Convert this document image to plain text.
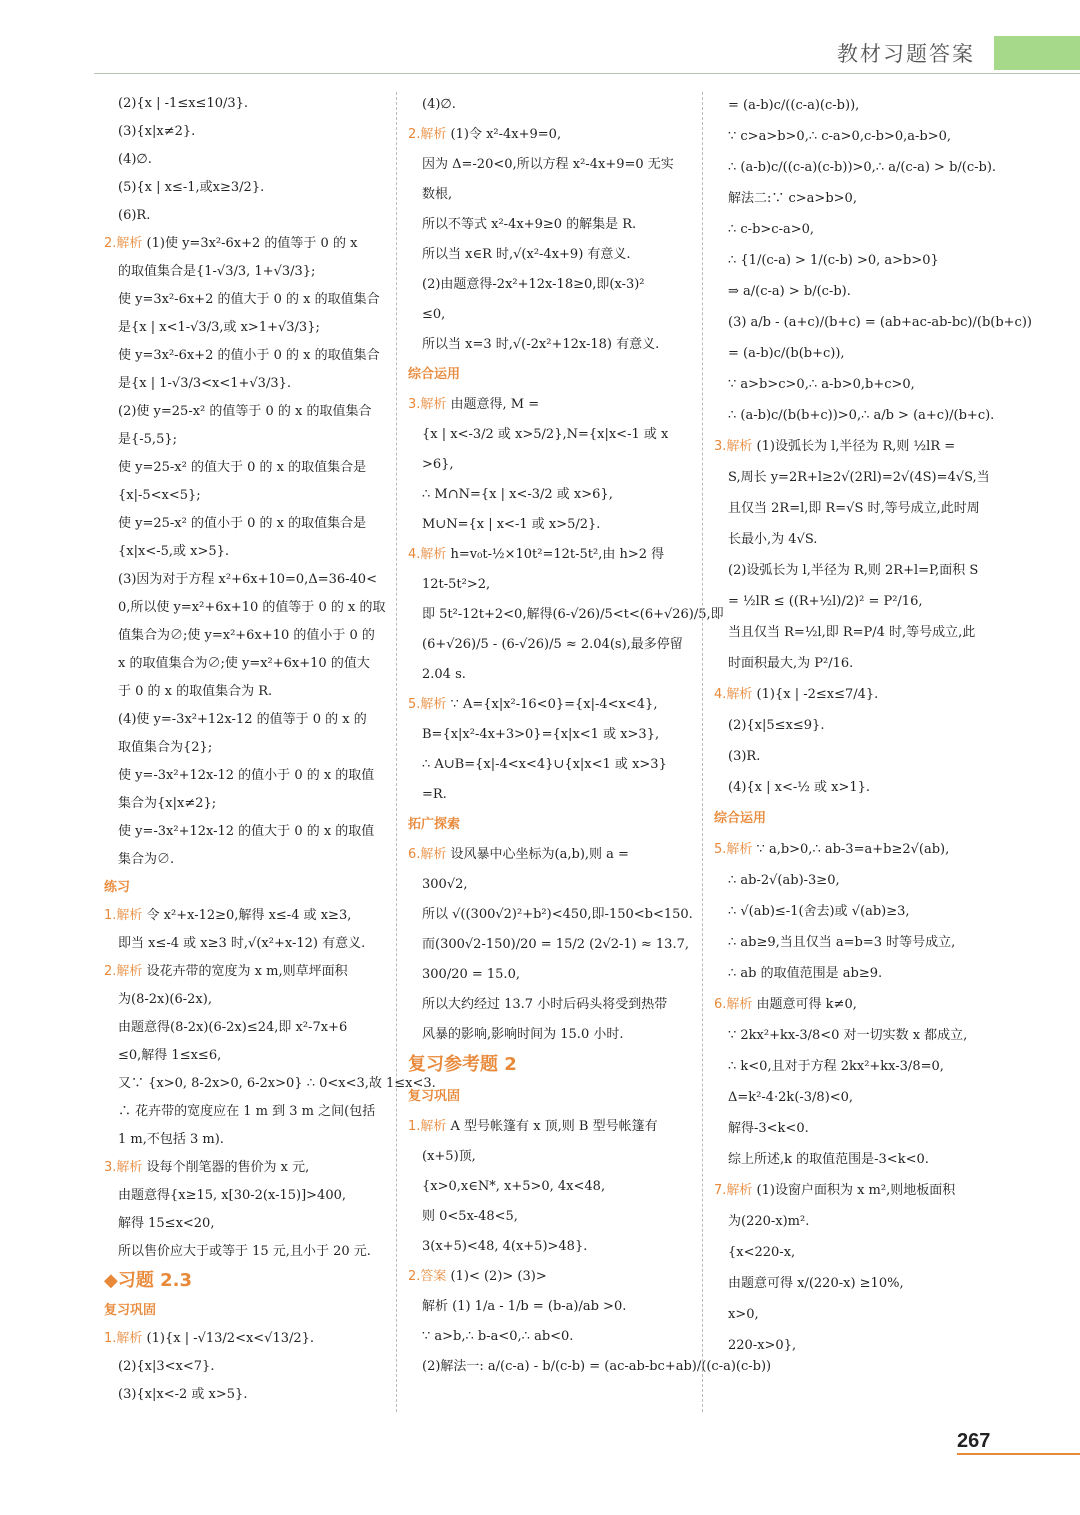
教材习题答案
(2){x | -1≤x≤10/3}.
(3){x|x≠2}.
(4)∅.
(5){x | x≤-1,或x≥3/2}.
(6)R.
2.解析 (1)使 y=3x²-6x+2 的值等于 0 的 x
的取值集合是{1-√3/3, 1+√3/3};
使 y=3x²-6x+2 的值大于 0 的 x 的取值集合
是{x | x<1-√3/3,或 x>1+√3/3};
使 y=3x²-6x+2 的值小于 0 的 x 的取值集合
是{x | 1-√3/3<x<1+√3/3}.
(2)使 y=25-x² 的值等于 0 的 x 的取值集合
是{-5,5};
使 y=25-x² 的值大于 0 的 x 的取值集合是
{x|-5<x<5};
使 y=25-x² 的值小于 0 的 x 的取值集合是
{x|x<-5,或 x>5}.
(3)因为对于方程 x²+6x+10=0,Δ=36-40<
0,所以使 y=x²+6x+10 的值等于 0 的 x 的取
值集合为∅;使 y=x²+6x+10 的值小于 0 的
x 的取值集合为∅;使 y=x²+6x+10 的值大
于 0 的 x 的取值集合为 R.
(4)使 y=-3x²+12x-12 的值等于 0 的 x 的
取值集合为{2};
使 y=-3x²+12x-12 的值小于 0 的 x 的取值
集合为{x|x≠2};
使 y=-3x²+12x-12 的值大于 0 的 x 的取值
集合为∅.
练习
1.解析 令 x²+x-12≥0,解得 x≤-4 或 x≥3,
即当 x≤-4 或 x≥3 时,√(x²+x-12) 有意义.
2.解析 设花卉带的宽度为 x m,则草坪面积
为(8-2x)(6-2x),
由题意得(8-2x)(6-2x)≤24,即 x²-7x+6
≤0,解得 1≤x≤6,
又∵ {x>0, 8-2x>0, 6-2x>0} ∴ 0<x<3,故 1≤x<3.
∴ 花卉带的宽度应在 1 m 到 3 m 之间(包括
1 m,不包括 3 m).
3.解析 设每个削笔器的售价为 x 元,
由题意得{x≥15, x[30-2(x-15)]>400,
解得 15≤x<20,
所以售价应大于或等于 15 元,且小于 20 元.
◆习题 2.3
复习巩固
1.解析 (1){x | -√13/2<x<√13/2}.
(2){x|3<x<7}.
(3){x|x<-2 或 x>5}.
(4)∅.
2.解析 (1)令 x²-4x+9=0,
因为 Δ=-20<0,所以方程 x²-4x+9=0 无实
数根,
所以不等式 x²-4x+9≥0 的解集是 R.
所以当 x∈R 时,√(x²-4x+9) 有意义.
(2)由题意得-2x²+12x-18≥0,即(x-3)²
≤0,
所以当 x=3 时,√(-2x²+12x-18) 有意义.
综合运用
3.解析 由题意得, M =
{x | x<-3/2 或 x>5/2},N={x|x<-1 或 x
>6},
∴ M∩N={x | x<-3/2 或 x>6},
M∪N={x | x<-1 或 x>5/2}.
4.解析 h=v₀t-½×10t²=12t-5t²,由 h>2 得
12t-5t²>2,
即 5t²-12t+2<0,解得(6-√26)/5<t<(6+√26)/5,即
(6+√26)/5 - (6-√26)/5 ≈ 2.04(s),最多停留
2.04 s.
5.解析 ∵ A={x|x²-16<0}={x|-4<x<4},
B={x|x²-4x+3>0}={x|x<1 或 x>3},
∴ A∪B={x|-4<x<4}∪{x|x<1 或 x>3}
=R.
拓广探索
6.解析 设风暴中心坐标为(a,b),则 a =
300√2,
所以 √((300√2)²+b²)<450,即-150<b<150.
而(300√2-150)/20 = 15/2 (2√2-1) ≈ 13.7,
300/20 = 15.0,
所以大约经过 13.7 小时后码头将受到热带
风暴的影响,影响时间为 15.0 小时.
复习参考题 2
复习巩固
1.解析 A 型号帐篷有 x 顶,则 B 型号帐篷有
(x+5)顶,
{x>0,x∈N*, x+5>0, 4x<48,
则 0<5x-48<5,
3(x+5)<48, 4(x+5)>48}.
2.答案 (1)< (2)> (3)>
解析 (1) 1/a - 1/b = (b-a)/ab >0.
∵ a>b,∴ b-a<0,∴ ab<0.
(2)解法一: a/(c-a) - b/(c-b) = (ac-ab-bc+ab)/((c-a)(c-b))
= (a-b)c/((c-a)(c-b)),
∵ c>a>b>0,∴ c-a>0,c-b>0,a-b>0,
∴ (a-b)c/((c-a)(c-b))>0,∴ a/(c-a) > b/(c-b).
解法二:∵ c>a>b>0,
∴ c-b>c-a>0,
∴ {1/(c-a) > 1/(c-b) >0, a>b>0}
⇒ a/(c-a) > b/(c-b).
(3) a/b - (a+c)/(b+c) = (ab+ac-ab-bc)/(b(b+c))
= (a-b)c/(b(b+c)),
∵ a>b>c>0,∴ a-b>0,b+c>0,
∴ (a-b)c/(b(b+c))>0,∴ a/b > (a+c)/(b+c).
3.解析 (1)设弧长为 l,半径为 R,则 ½lR =
S,周长 y=2R+l≥2√(2Rl)=2√(4S)=4√S,当
且仅当 2R=l,即 R=√S 时,等号成立,此时周
长最小,为 4√S.
(2)设弧长为 l,半径为 R,则 2R+l=P,面积 S
= ½lR ≤ ((R+½l)/2)² = P²/16,
当且仅当 R=½l,即 R=P/4 时,等号成立,此
时面积最大,为 P²/16.
4.解析 (1){x | -2≤x≤7/4}.
(2){x|5≤x≤9}.
(3)R.
(4){x | x<-½ 或 x>1}.
综合运用
5.解析 ∵ a,b>0,∴ ab-3=a+b≥2√(ab),
∴ ab-2√(ab)-3≥0,
∴ √(ab)≤-1(舍去)或 √(ab)≥3,
∴ ab≥9,当且仅当 a=b=3 时等号成立,
∴ ab 的取值范围是 ab≥9.
6.解析 由题意可得 k≠0,
∵ 2kx²+kx-3/8<0 对一切实数 x 都成立,
∴ k<0,且对于方程 2kx²+kx-3/8=0,
Δ=k²-4·2k(-3/8)<0,
解得-3<k<0.
综上所述,k 的取值范围是-3<k<0.
7.解析 (1)设窗户面积为 x m²,则地板面积
为(220-x)m².
{x<220-x,
由题意可得 x/(220-x) ≥10%,
x>0,
220-x>0},
267
